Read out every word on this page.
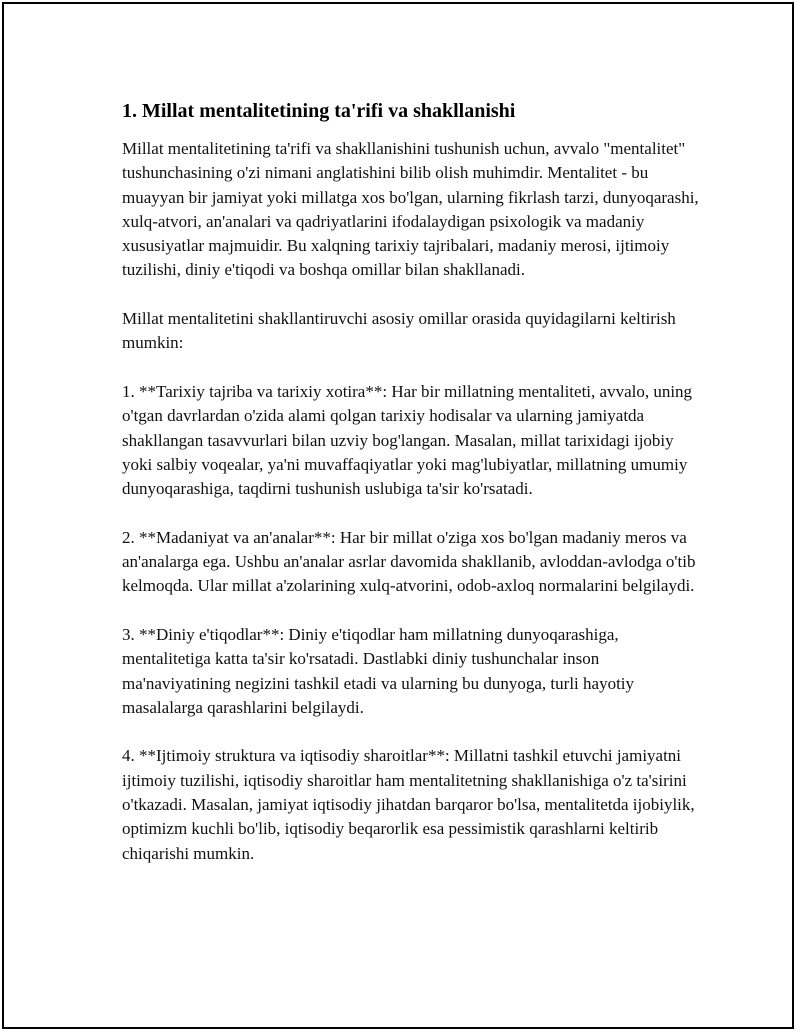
1. Millat mentalitetining ta'rifi va shakllanishi

Millat mentalitetining ta'rifi va shakllanishini tushunish uchun, avvalo "mentalitet" tushunchasining o'zi nimani anglatishini bilib olish muhimdir. Mentalitet - bu muayyan bir jamiyat yoki millatga xos bo'lgan, ularning fikrlash tarzi, dunyoqarashi, xulq-atvori, an'analari va qadriyatlarini ifodalaydigan psixologik va madaniy xususiyatlar majmuidir. Bu xalqning tarixiy tajribalari, madaniy merosi, ijtimoiy tuzilishi, diniy e'tiqodi va boshqa omillar bilan shakllanadi.

Millat mentalitetini shakllantiruvchi asosiy omillar orasida quyidagilarni keltirish mumkin:

1. **Tarixiy tajriba va tarixiy xotira**: Har bir millatning mentaliteti, avvalo, uning o'tgan davrlardan o'zida alami qolgan tarixiy hodisalar va ularning jamiyatda shakllangan tasavvurlari bilan uzviy bog'langan. Masalan, millat tarixidagi ijobiy yoki salbiy voqealar, ya'ni muvaffaqiyatlar yoki mag'lubiyatlar, millatning umumiy dunyoqarashiga, taqdirni tushunish uslubiga ta'sir ko'rsatadi.

2. **Madaniyat va an'analar**: Har bir millat o'ziga xos bo'lgan madaniy meros va an'analarga ega. Ushbu an'analar asrlar davomida shakllanib, avloddan-avlodga o'tib kelmoqda. Ular millat a'zolarining xulq-atvorini, odob-axloq normalarini belgilaydi.

3. **Diniy e'tiqodlar**: Diniy e'tiqodlar ham millatning dunyoqarashiga, mentalitetiga katta ta'sir ko'rsatadi. Dastlabki diniy tushunchalar inson ma'naviyatining negizini tashkil etadi va ularning bu dunyoga, turli hayotiy masalalarga qarashlarini belgilaydi.

4. **Ijtimoiy struktura va iqtisodiy sharoitlar**: Millatni tashkil etuvchi jamiyatni ijtimoiy tuzilishi, iqtisodiy sharoitlar ham mentalitetning shakllanishiga o'z ta'sirini o'tkazadi. Masalan, jamiyat iqtisodiy jihatdan barqaror bo'lsa, mentalitetda ijobiylik, optimizm kuchli bo'lib, iqtisodiy beqarorlik esa pessimistik qarashlarni keltirib chiqarishi mumkin.
